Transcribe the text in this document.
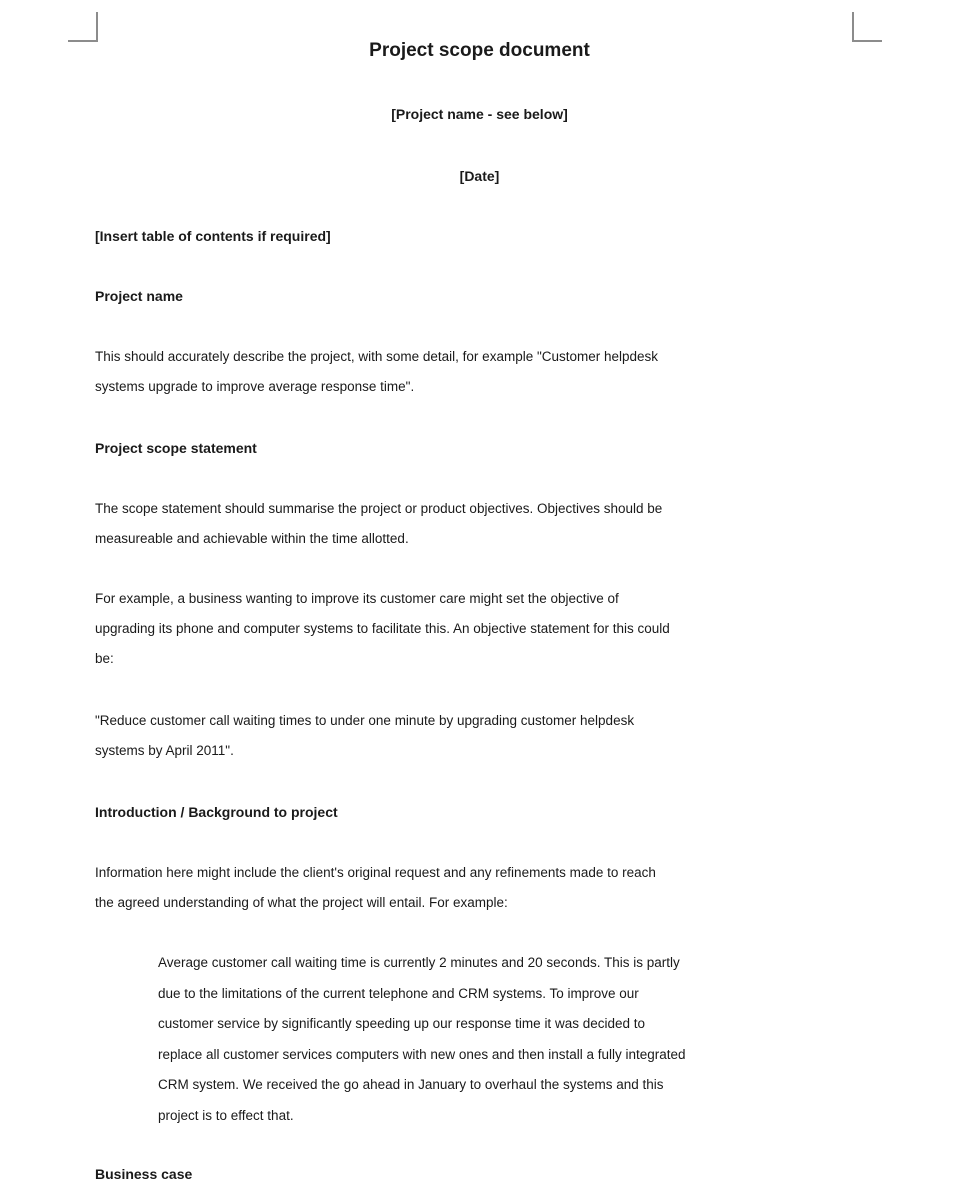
Project scope document
[Project name - see below]
[Date]
[Insert table of contents if required]
Project name
This should accurately describe the project, with some detail, for example "Customer helpdesk
systems upgrade to improve average response time".
Project scope statement
The scope statement should summarise the project or product objectives. Objectives should be
measureable and achievable within the time allotted.
For example, a business wanting to improve its customer care might set the objective of
upgrading its phone and computer systems to facilitate this. An objective statement for this could
be:
"Reduce customer call waiting times to under one minute by upgrading customer helpdesk
systems by April 2011".
Introduction / Background to project
Information here might include the client's original request and any refinements made to reach
the agreed understanding of what the project will entail. For example:
Average customer call waiting time is currently 2 minutes and 20 seconds. This is partly
due to the limitations of the current telephone and CRM systems. To improve our
customer service by significantly speeding up our response time it was decided to
replace all customer services computers with new ones and then install a fully integrated
CRM system. We received the go ahead in January to overhaul the systems and this
project is to effect that.
Business case
